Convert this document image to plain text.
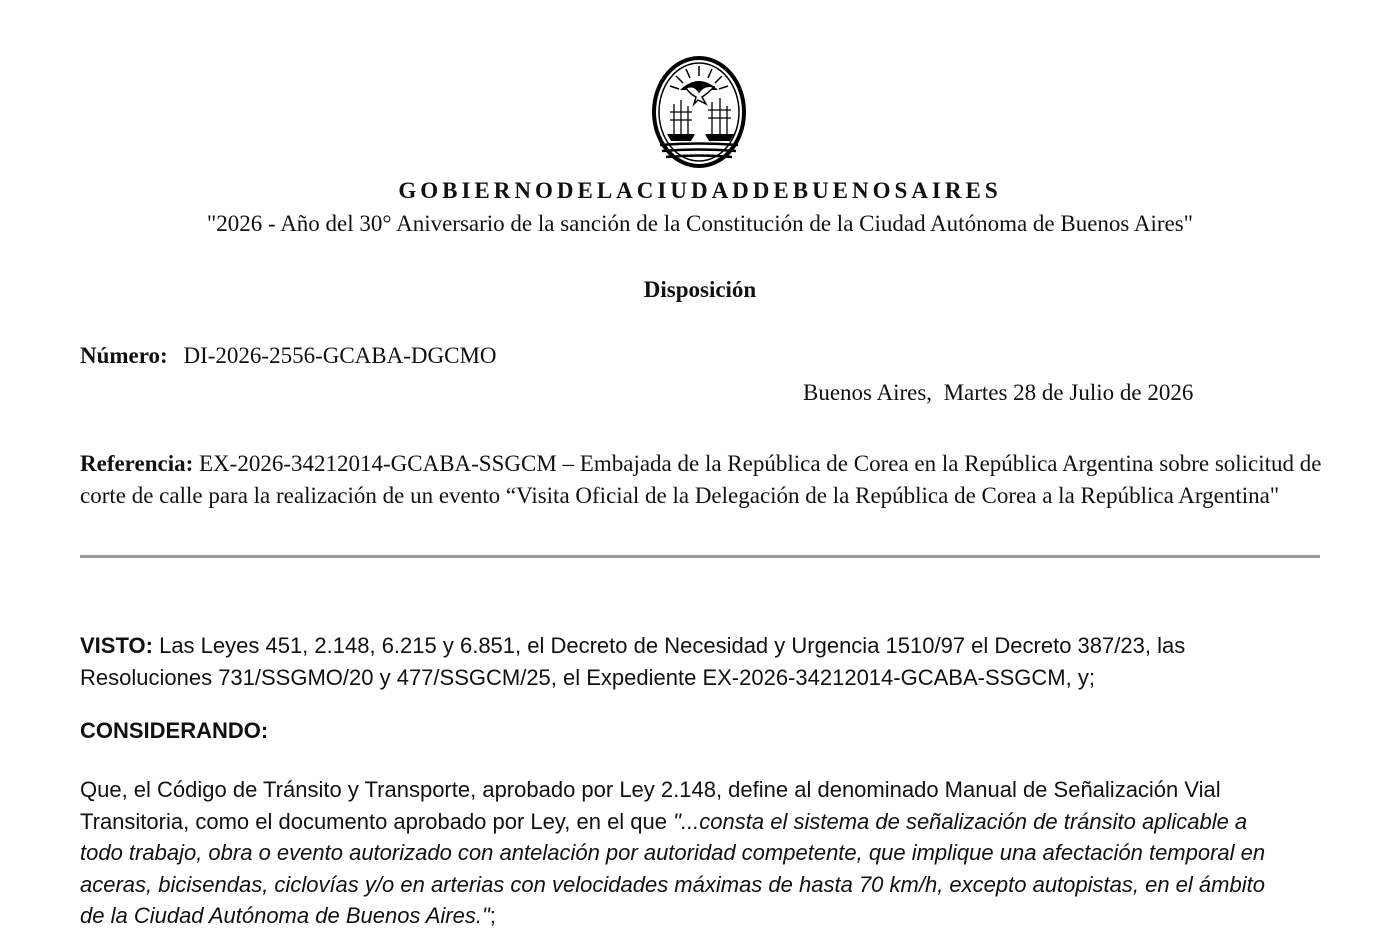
GOBIERNODELACIUDADDEBUENOSAIRES
"2026 - Año del 30° Aniversario de la sanción de la Constitución de la Ciudad Autónoma de Buenos Aires"
Disposición
Número: DI-2026-2556-GCABA-DGCMO
Buenos Aires, Martes 28 de Julio de 2026
Referencia: EX-2026-34212014-GCABA-SSGCM – Embajada de la República de Corea en la República Argentina sobre solicitud de corte de calle para la realización de un evento “Visita Oficial de la Delegación de la República de Corea a la República Argentina"
VISTO: Las Leyes 451, 2.148, 6.215 y 6.851, el Decreto de Necesidad y Urgencia 1510/97 el Decreto 387/23, las Resoluciones 731/SSGMO/20 y 477/SSGCM/25, el Expediente EX-2026-34212014-GCABA-SSGCM, y;
CONSIDERANDO:
Que, el Código de Tránsito y Transporte, aprobado por Ley 2.148, define al denominado Manual de Señalización Vial Transitoria, como el documento aprobado por Ley, en el que "...consta el sistema de señalización de tránsito aplicable a todo trabajo, obra o evento autorizado con antelación por autoridad competente, que implique una afectación temporal en aceras, bicisendas, ciclovías y/o en arterias con velocidades máximas de hasta 70 km/h, excepto autopistas, en el ámbito de la Ciudad Autónoma de Buenos Aires.";
